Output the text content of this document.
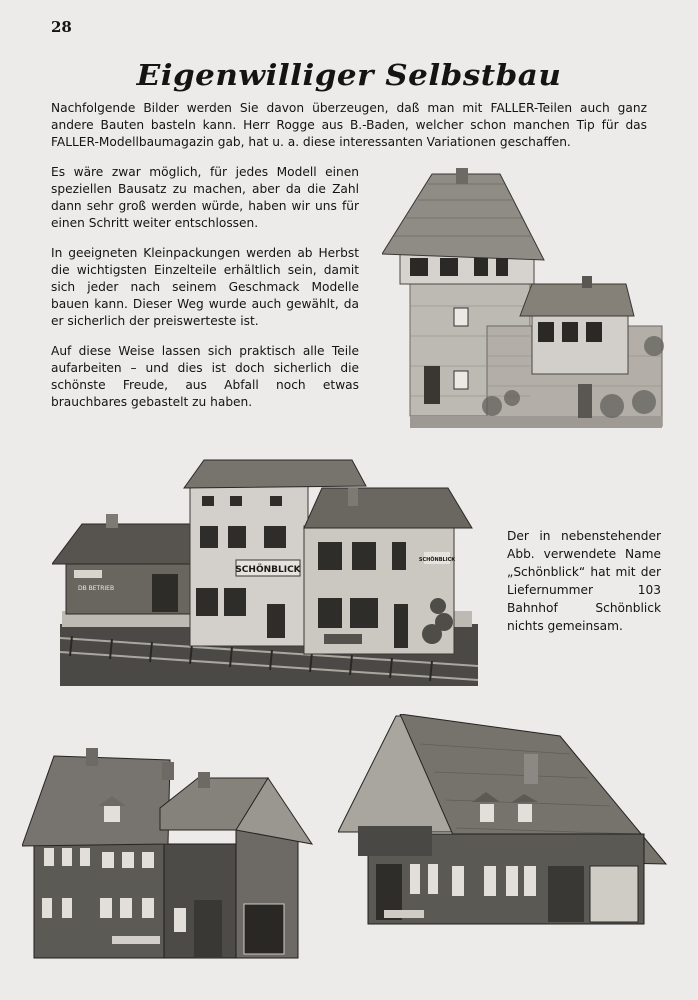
28
Eigenwilliger Selbstbau

Nachfolgende Bilder werden Sie davon überzeugen, daß man mit FALLER-Teilen auch ganz andere Bauten basteln kann. Herr Rogge aus B.-Baden, welcher schon manchen Tip für das FALLER-Modellbaumagazin gab, hat u. a. diese interessanten Variationen geschaffen.

Es wäre zwar möglich, für jedes Modell einen speziellen Bausatz zu machen, aber da die Zahl dann sehr groß werden würde, haben wir uns für einen Schritt weiter entschlossen.

In geeigneten Kleinpackungen werden ab Herbst die wichtigsten Einzelteile erhältlich sein, damit sich jeder nach seinem Geschmack Modelle bauen kann. Dieser Weg wurde auch gewählt, da er sicherlich der preiswerteste ist.

Auf diese Weise lassen sich praktisch alle Teile aufarbeiten – und dies ist doch sicherlich die schönste Freude, aus Abfall noch etwas brauchbares gebastelt zu haben.

Der in nebenstehender Abb. verwendete Name „Schönblick“ hat mit der Liefernummer 103 Bahnhof Schönblick nichts gemeinsam.

DB BETRIEB
SCHÖNBLICK
SCHÖNBLICK
